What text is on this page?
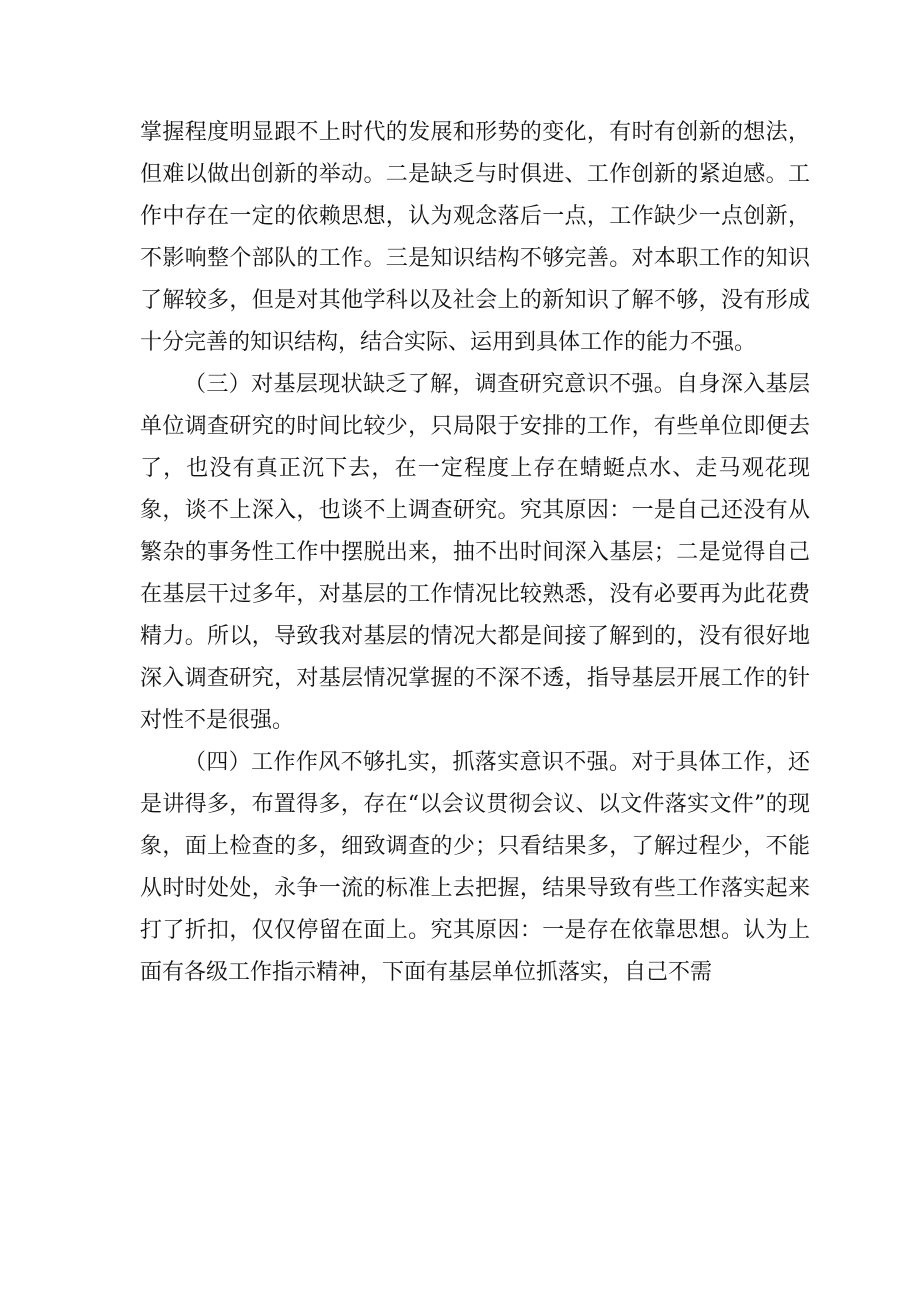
掌握程度明显跟不上时代的发展和形势的变化，有时有创新的想法，但难以做出创新的举动。二是缺乏与时俱进、工作创新的紧迫感。工作中存在一定的依赖思想，认为观念落后一点，工作缺少一点创新，不影响整个部队的工作。三是知识结构不够完善。对本职工作的知识了解较多，但是对其他学科以及社会上的新知识了解不够，没有形成十分完善的知识结构，结合实际、运用到具体工作的能力不强。

（三）对基层现状缺乏了解，调查研究意识不强。自身深入基层单位调查研究的时间比较少，只局限于安排的工作，有些单位即便去了，也没有真正沉下去，在一定程度上存在蜻蜓点水、走马观花现象，谈不上深入，也谈不上调查研究。究其原因：一是自己还没有从繁杂的事务性工作中摆脱出来，抽不出时间深入基层；二是觉得自己在基层干过多年，对基层的工作情况比较熟悉，没有必要再为此花费精力。所以，导致我对基层的情况大都是间接了解到的，没有很好地深入调查研究，对基层情况掌握的不深不透，指导基层开展工作的针对性不是很强。

（四）工作作风不够扎实，抓落实意识不强。对于具体工作，还是讲得多，布置得多，存在“以会议贯彻会议、以文件落实文件”的现象，面上检查的多，细致调查的少；只看结果多，了解过程少，不能从时时处处，永争一流的标准上去把握，结果导致有些工作落实起来打了折扣，仅仅停留在面上。究其原因：一是存在依靠思想。认为上面有各级工作指示精神，下面有基层单位抓落实，自己不需
